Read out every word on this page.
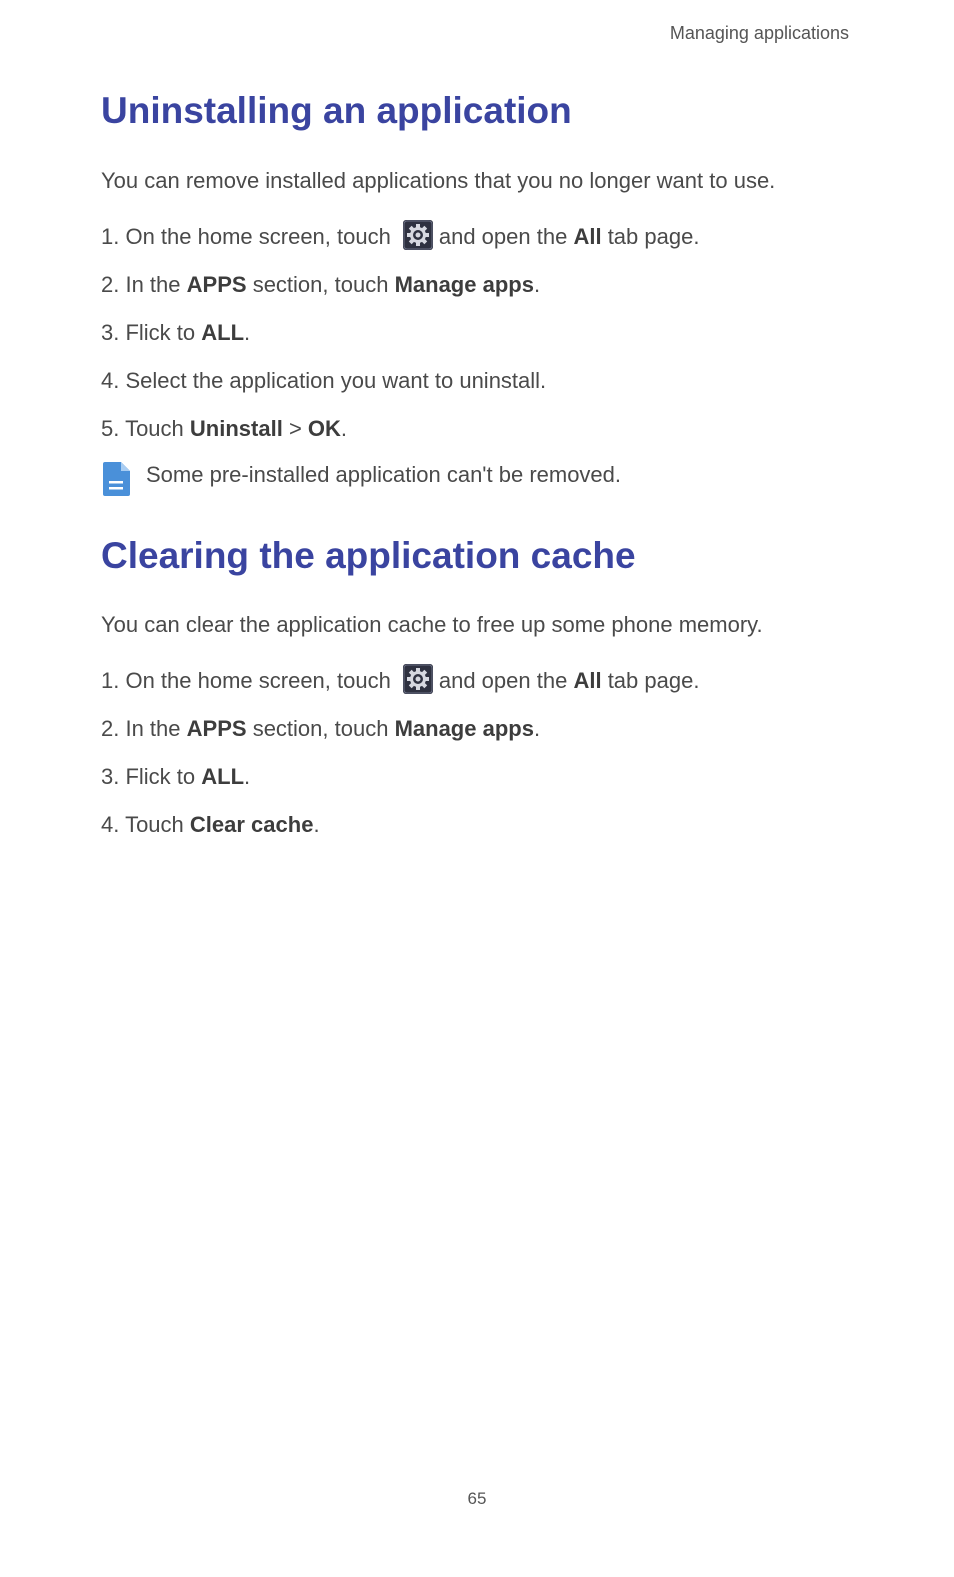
Managing applications
Uninstalling an application

You can remove installed applications that you no longer want to use.

1. On the home screen, touch and open the All tab page.

2. In the APPS section, touch Manage apps.

3. Flick to ALL.

4. Select the application you want to uninstall.

5. Touch Uninstall > OK.

Some pre-installed application can't be removed.

Clearing the application cache

You can clear the application cache to free up some phone memory.

1. On the home screen, touch and open the All tab page.

2. In the APPS section, touch Manage apps.

3. Flick to ALL.

4. Touch Clear cache.

65
